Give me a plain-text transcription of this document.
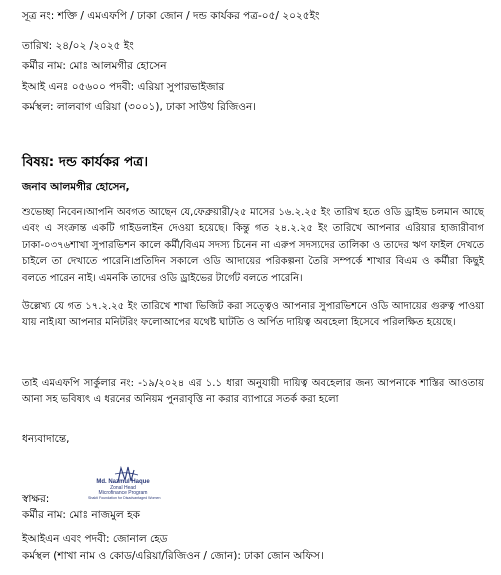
সূত্র নং: শক্তি / এমএফপি / ঢাকা জোন / দন্ড কার্যকর পত্র-০৫/ ২০২৫ইং
তারিখ: ২৪/০২ /২০২৫ ইং
কর্মীর নাম: মোঃ আলমগীর হোসেন
ইআই এনঃ ০৫৬০০ পদবী: এরিয়া সুপারভাইজার
কর্মস্থল: লালবাগ এরিয়া (৩০০১), ঢাকা সাউথ রিজিওন।
বিষয়: দন্ড কার্যকর পত্র।
জনাব আলমগীর হোসেন,
শুভেচ্ছা নিবেন।আপনি অবগত আছেন যে,ফেব্রুয়ারী/২৫ মাসের ১৬.২.২৫ ইং তারিখ হতে ওডি ড্রাইভ চলমান আছে এবং এ সংক্রান্ত একটি গাইডলাইন দেওয়া হয়েছে। কিন্তু গত ২৪.২.২৫ ইং তারিখে আপনার এরিয়ার হাজারীবাগ ঢাকা-০৩৭৬শাখা সুপারভিশন কালে কর্মী/বিএম সদস্য চিনেন না এরুপ সদস্যদের তালিকা ও তাদের ঋণ ফাইল দেখতে চাইলে তা দেখাতে পারেনি।প্রতিদিন সকালে ওডি আদায়ের পরিকল্পনা তৈরি সম্পর্কে শাখার বিএম ও কর্মীরা কিছুই বলতে পারেন নাই। এমনকি তাদের ওডি ড্রাইভের টার্গেট বলতে পারেনি।
উল্লেখ্য যে গত ১৭.২.২৫ ইং তারিখে শাখা ভিজিট করা সত্ত্বেও আপনার সুপারভিশনে ওডি আদায়ের গুরুত্ব পাওয়া যায় নাই।যা আপনার মনিটরিং ফলোআপের যথেষ্ট ঘাটতি ও অর্পিত দায়িত্ব অবহেলা হিসেবে পরিলক্ষিত হয়েছে।
তাই এমএফপি সার্কুলার নং: -১৯/২০২৪ এর ১.১ ধারা অনুযায়ী দায়িত্ব অবহেলার জন্য আপনাকে শাস্তির আওতায় আনা সহ ভবিষ্যৎ এ ধরনের অনিয়ম পুনরাবৃত্তি না করার ব্যাপারে সতর্ক করা হলো
ধন্যবাদান্তে,
Md. Nazmul Haque
Zonal Head
Microfinance Program
Shakti Foundation for Disadvantaged Women
স্বাক্ষর:
কর্মীর নাম: মোঃ নাজমুল হক
ইআইএন এবং পদবী: জোনাল হেড
কর্মস্থল (শাখা নাম ও কোড/এরিয়া/রিজিওন / জোন): ঢাকা জোন অফিস।
